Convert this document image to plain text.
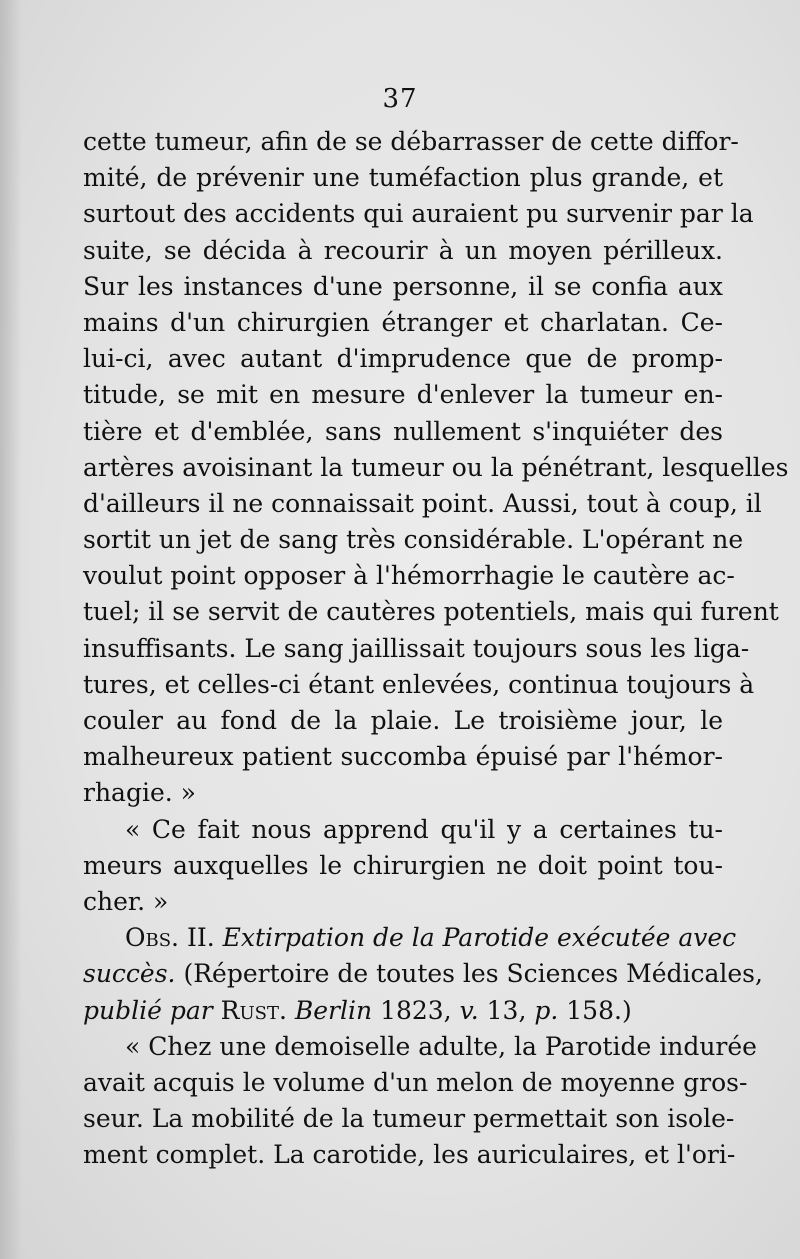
37
cette tumeur, afin de se débarrasser de cette diffor-
mité, de prévenir une tuméfaction plus grande, et
surtout des accidents qui auraient pu survenir par la
suite, se décida à recourir à un moyen périlleux.
Sur les instances d'une personne, il se confia aux
mains d'un chirurgien étranger et charlatan. Ce-
lui-ci, avec autant d'imprudence que de promp-
titude, se mit en mesure d'enlever la tumeur en-
tière et d'emblée, sans nullement s'inquiéter des
artères avoisinant la tumeur ou la pénétrant, lesquelles
d'ailleurs il ne connaissait point. Aussi, tout à coup, il
sortit un jet de sang très considérable. L'opérant ne
voulut point opposer à l'hémorrhagie le cautère ac-
tuel; il se servit de cautères potentiels, mais qui furent
insuffisants. Le sang jaillissait toujours sous les liga-
tures, et celles-ci étant enlevées, continua toujours à
couler au fond de la plaie. Le troisième jour, le
malheureux patient succomba épuisé par l'hémor-
rhagie. »
« Ce fait nous apprend qu'il y a certaines tu-
meurs auxquelles le chirurgien ne doit point tou-
cher. »
Obs. II. Extirpation de la Parotide exécutée avec
succès. (Répertoire de toutes les Sciences Médicales,
publié par Rust. Berlin 1823, v. 13, p. 158.)
« Chez une demoiselle adulte, la Parotide indurée
avait acquis le volume d'un melon de moyenne gros-
seur. La mobilité de la tumeur permettait son isole-
ment complet. La carotide, les auriculaires, et l'ori-
